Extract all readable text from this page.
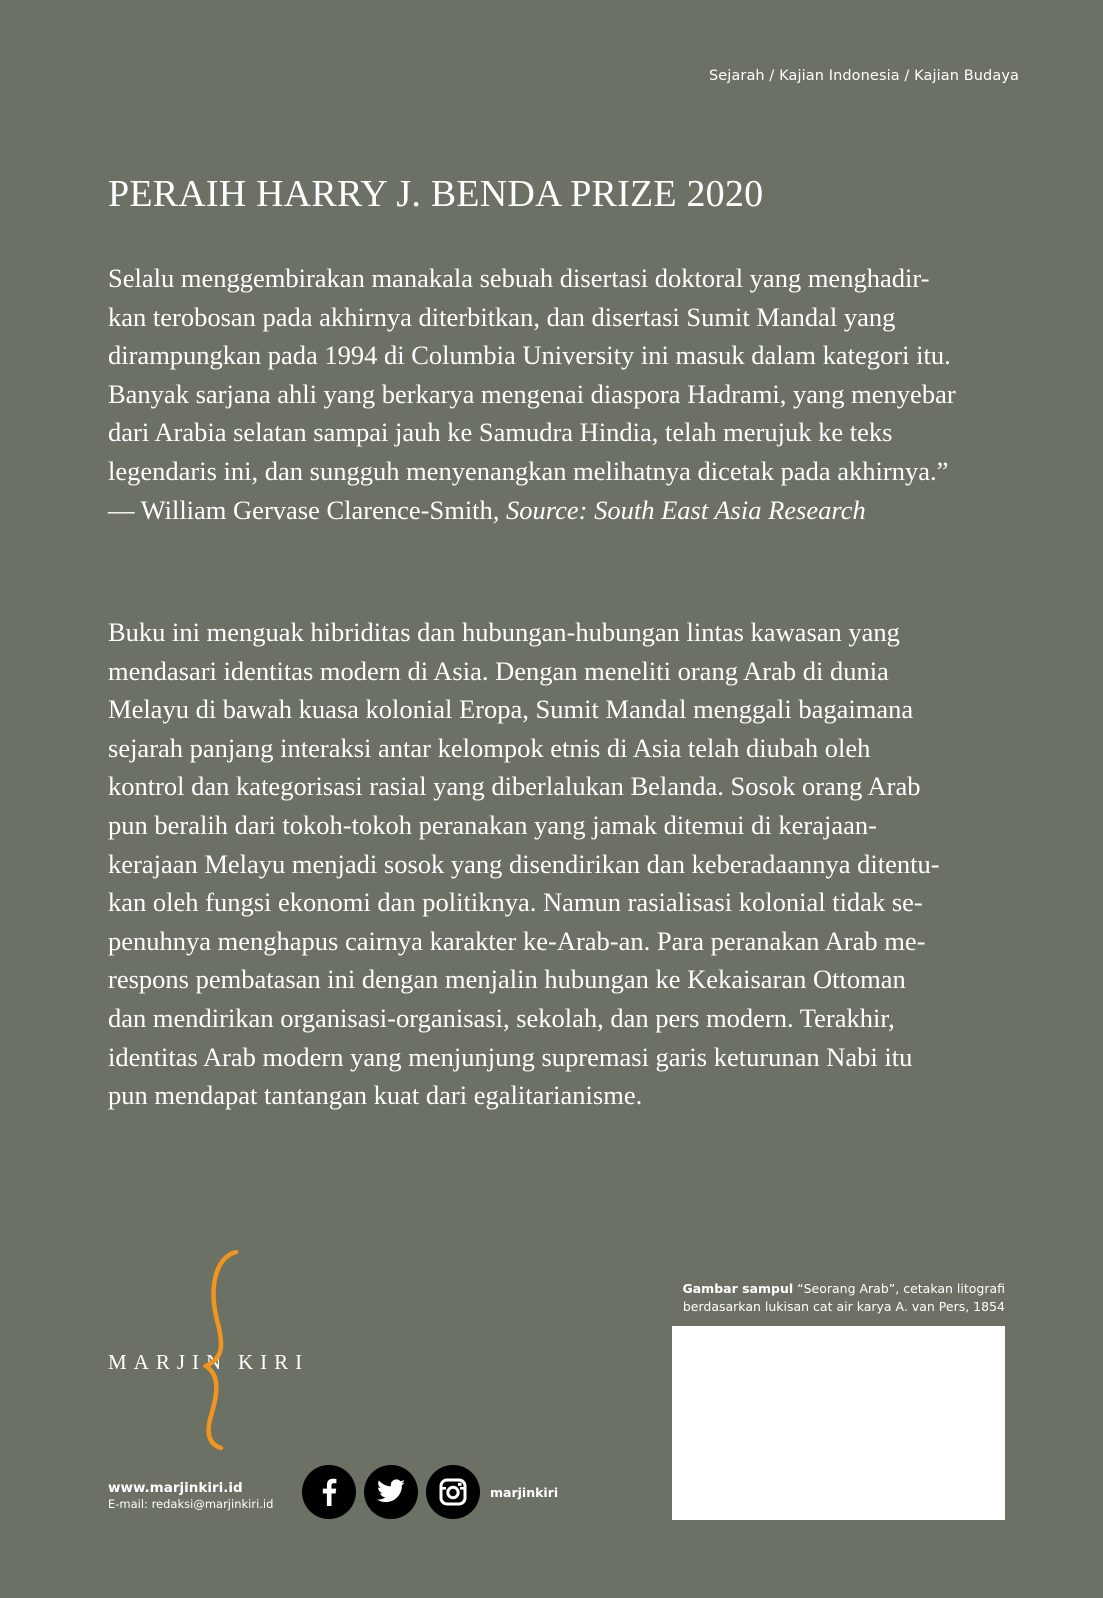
Sejarah / Kajian Indonesia / Kajian Budaya
PERAIH HARRY J. BENDA PRIZE 2020
Selalu menggembirakan manakala sebuah disertasi doktoral yang menghadir-
kan terobosan pada akhirnya diterbitkan, dan disertasi Sumit Mandal yang
dirampungkan pada 1994 di Columbia University ini masuk dalam kategori itu.
Banyak sarjana ahli yang berkarya mengenai diaspora Hadrami, yang menyebar
dari Arabia selatan sampai jauh ke Samudra Hindia, telah merujuk ke teks
legendaris ini, dan sungguh menyenangkan melihatnya dicetak pada akhirnya.”
— William Gervase Clarence-Smith, Source: South East Asia Research
Buku ini menguak hibriditas dan hubungan-hubungan lintas kawasan yang
mendasari identitas modern di Asia. Dengan meneliti orang Arab di dunia
Melayu di bawah kuasa kolonial Eropa, Sumit Mandal menggali bagaimana
sejarah panjang interaksi antar kelompok etnis di Asia telah diubah oleh
kontrol dan kategorisasi rasial yang diberlalukan Belanda. Sosok orang Arab
pun beralih dari tokoh-tokoh peranakan yang jamak ditemui di kerajaan-
kerajaan Melayu menjadi sosok yang disendirikan dan keberadaannya ditentu-
kan oleh fungsi ekonomi dan politiknya. Namun rasialisasi kolonial tidak se-
penuhnya menghapus cairnya karakter ke-Arab-an. Para peranakan Arab me-
respons pembatasan ini dengan menjalin hubungan ke Kekaisaran Ottoman
dan mendirikan organisasi-organisasi, sekolah, dan pers modern. Terakhir,
identitas Arab modern yang menjunjung supremasi garis keturunan Nabi itu
pun mendapat tantangan kuat dari egalitarianisme.
Gambar sampul “Seorang Arab”, cetakan litografi
berdasarkan lukisan cat air karya A. van Pers, 1854
MARJIN KIRI
www.marjinkiri.id
E-mail: redaksi@marjinkiri.id
marjinkiri
